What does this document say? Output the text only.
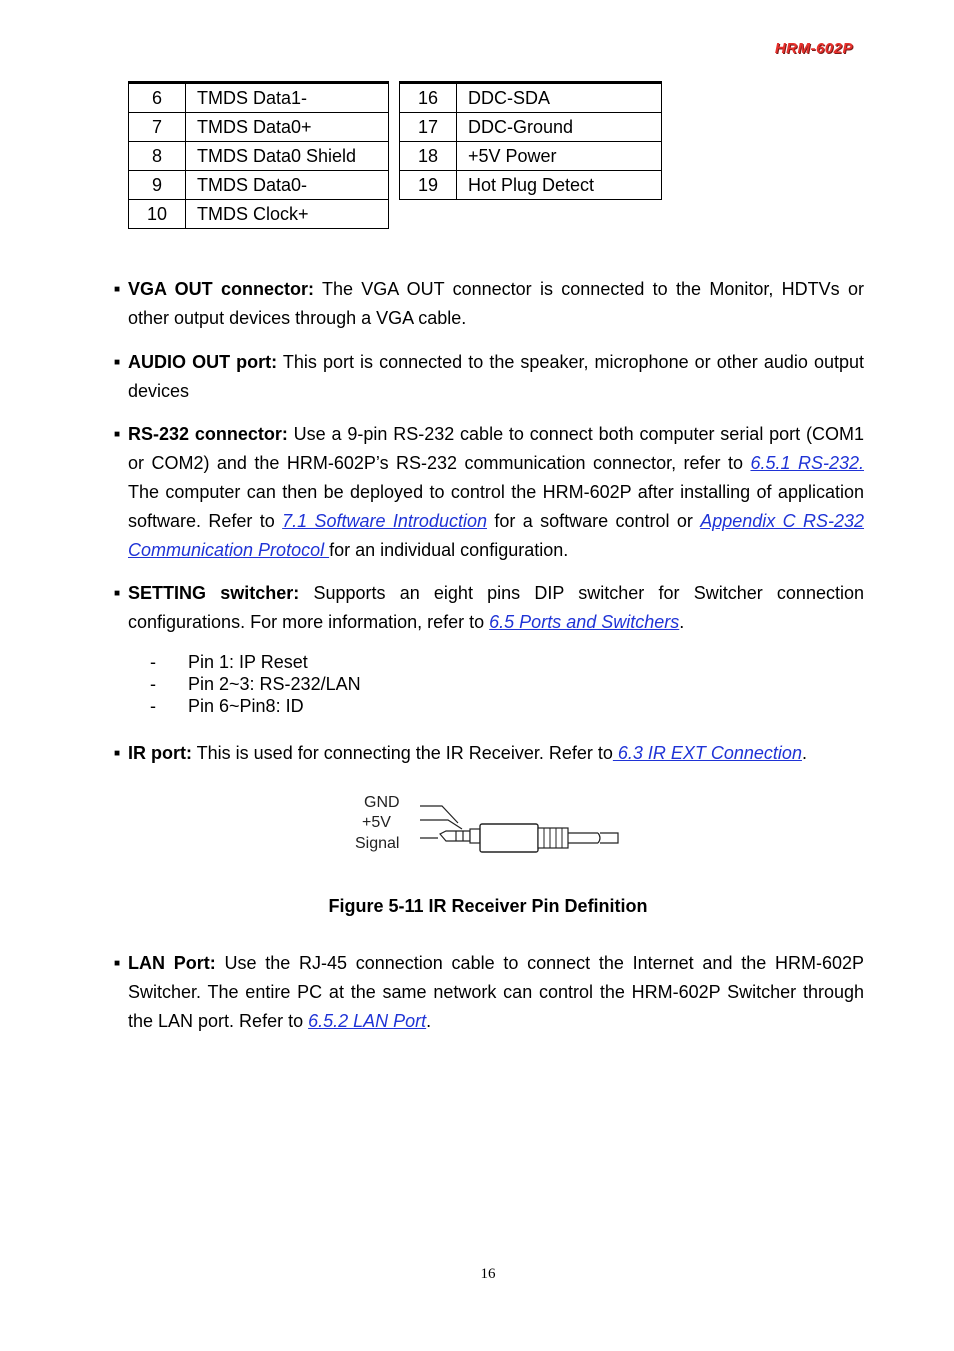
HRM-602P
6	TMDS Data1-
7	TMDS Data0+
8	TMDS Data0 Shield
9	TMDS Data0-
10	TMDS Clock+
16	DDC-SDA
17	DDC-Ground
18	+5V Power
19	Hot Plug Detect
■ VGA OUT connector: The VGA OUT connector is connected to the Monitor, HDTVs or other output devices through a VGA cable.
■ AUDIO OUT port: This port is connected to the speaker, microphone or other audio output devices
■ RS-232 connector: Use a 9-pin RS-232 cable to connect both computer serial port (COM1 or COM2) and the HRM-602P’s RS-232 communication connector, refer to 6.5.1 RS-232. The computer can then be deployed to control the HRM-602P after installing of application software. Refer to 7.1 Software Introduction for a software control or Appendix C RS-232 Communication Protocol for an individual configuration.
■ SETTING switcher: Supports an eight pins DIP switcher for Switcher connection configurations. For more information, refer to 6.5 Ports and Switchers.
- Pin 1: IP Reset
- Pin 2~3: RS-232/LAN
- Pin 6~Pin8: ID
■ IR port: This is used for connecting the IR Receiver. Refer to 6.3 IR EXT Connection.
GND
+5V
Signal
Figure 5-11 IR Receiver Pin Definition
■ LAN Port: Use the RJ-45 connection cable to connect the Internet and the HRM-602P Switcher. The entire PC at the same network can control the HRM-602P Switcher through the LAN port. Refer to 6.5.2 LAN Port.
16
